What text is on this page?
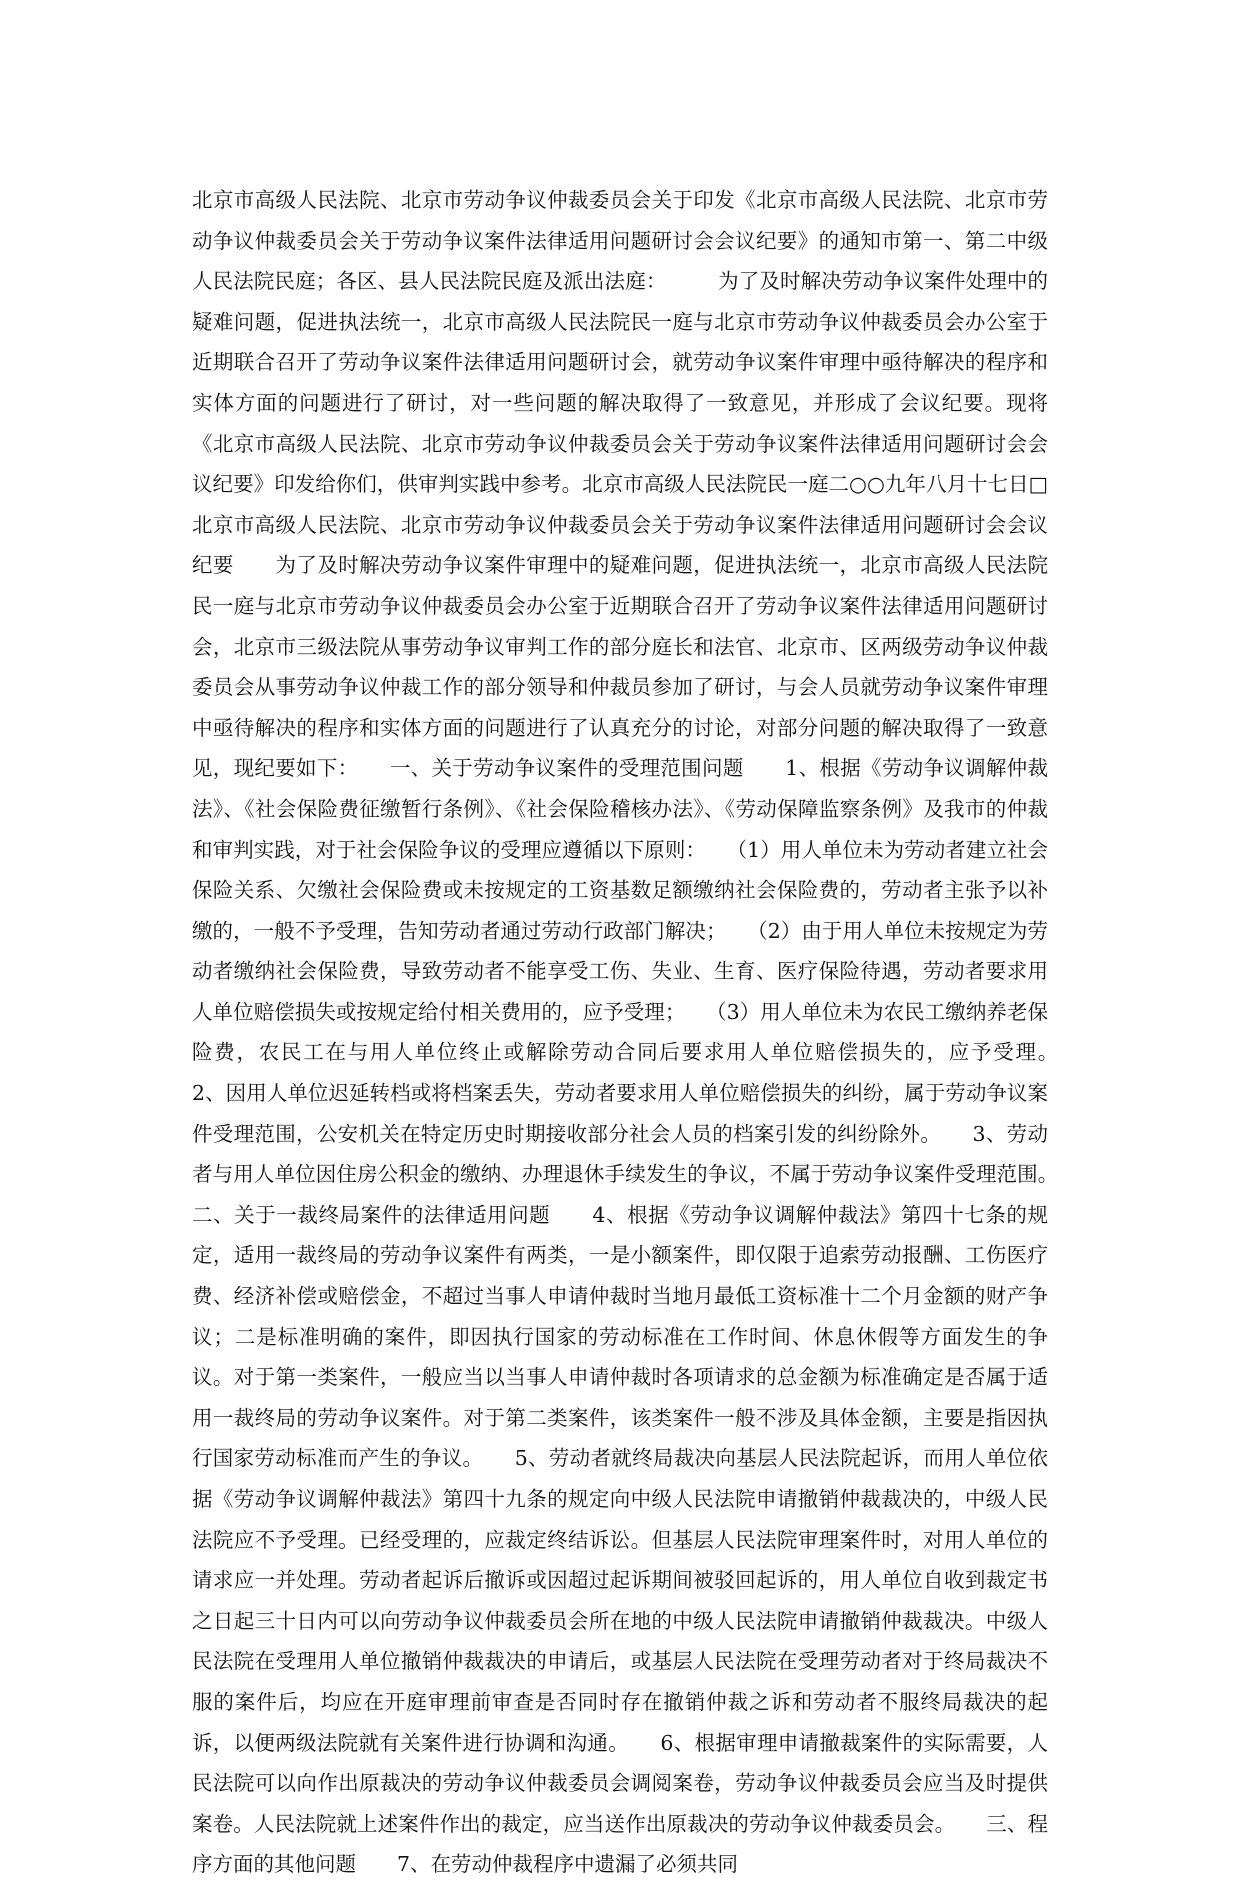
北京市高级人民法院、北京市劳动争议仲裁委员会关于印发《北京市高级人民法院、北京市劳动争议仲裁委员会关于劳动争议案件法律适用问题研讨会会议纪要》的通知市第一、第二中级人民法院民庭；各区、县人民法院民庭及派出法庭：　　　为了及时解决劳动争议案件处理中的疑难问题，促进执法统一，北京市高级人民法院民一庭与北京市劳动争议仲裁委员会办公室于近期联合召开了劳动争议案件法律适用问题研讨会，就劳动争议案件审理中亟待解决的程序和实体方面的问题进行了研讨，对一些问题的解决取得了一致意见，并形成了会议纪要。现将《北京市高级人民法院、北京市劳动争议仲裁委员会关于劳动争议案件法律适用问题研讨会会议纪要》印发给你们，供审判实践中参考。北京市高级人民法院民一庭二○○九年八月十七日□北京市高级人民法院、北京市劳动争议仲裁委员会关于劳动争议案件法律适用问题研讨会会议纪要　　为了及时解决劳动争议案件审理中的疑难问题，促进执法统一，北京市高级人民法院民一庭与北京市劳动争议仲裁委员会办公室于近期联合召开了劳动争议案件法律适用问题研讨会，北京市三级法院从事劳动争议审判工作的部分庭长和法官、北京市、区两级劳动争议仲裁委员会从事劳动争议仲裁工作的部分领导和仲裁员参加了研讨，与会人员就劳动争议案件审理中亟待解决的程序和实体方面的问题进行了认真充分的讨论，对部分问题的解决取得了一致意见，现纪要如下：　　一、关于劳动争议案件的受理范围问题　　1、根据《劳动争议调解仲裁法》、《社会保险费征缴暂行条例》、《社会保险稽核办法》、《劳动保障监察条例》及我市的仲裁和审判实践，对于社会保险争议的受理应遵循以下原则：　　（1）用人单位未为劳动者建立社会保险关系、欠缴社会保险费或未按规定的工资基数足额缴纳社会保险费的，劳动者主张予以补缴的，一般不予受理，告知劳动者通过劳动行政部门解决；　　（2）由于用人单位未按规定为劳动者缴纳社会保险费，导致劳动者不能享受工伤、失业、生育、医疗保险待遇，劳动者要求用人单位赔偿损失或按规定给付相关费用的，应予受理；　　（3）用人单位未为农民工缴纳养老保险费，农民工在与用人单位终止或解除劳动合同后要求用人单位赔偿损失的，应予受理。　　2、因用人单位迟延转档或将档案丢失，劳动者要求用人单位赔偿损失的纠纷，属于劳动争议案件受理范围，公安机关在特定历史时期接收部分社会人员的档案引发的纠纷除外。　　3、劳动者与用人单位因住房公积金的缴纳、办理退休手续发生的争议，不属于劳动争议案件受理范围。　　二、关于一裁终局案件的法律适用问题　　4、根据《劳动争议调解仲裁法》第四十七条的规定，适用一裁终局的劳动争议案件有两类，一是小额案件，即仅限于追索劳动报酬、工伤医疗费、经济补偿或赔偿金，不超过当事人申请仲裁时当地月最低工资标准十二个月金额的财产争议；二是标准明确的案件，即因执行国家的劳动标准在工作时间、休息休假等方面发生的争议。对于第一类案件，一般应当以当事人申请仲裁时各项请求的总金额为标准确定是否属于适用一裁终局的劳动争议案件。对于第二类案件，该类案件一般不涉及具体金额，主要是指因执行国家劳动标准而产生的争议。　　5、劳动者就终局裁决向基层人民法院起诉，而用人单位依据《劳动争议调解仲裁法》第四十九条的规定向中级人民法院申请撤销仲裁裁决的，中级人民法院应不予受理。已经受理的，应裁定终结诉讼。但基层人民法院审理案件时，对用人单位的请求应一并处理。劳动者起诉后撤诉或因超过起诉期间被驳回起诉的，用人单位自收到裁定书之日起三十日内可以向劳动争议仲裁委员会所在地的中级人民法院申请撤销仲裁裁决。中级人民法院在受理用人单位撤销仲裁裁决的申请后，或基层人民法院在受理劳动者对于终局裁决不服的案件后，均应在开庭审理前审查是否同时存在撤销仲裁之诉和劳动者不服终局裁决的起诉，以便两级法院就有关案件进行协调和沟通。　　6、根据审理申请撤裁案件的实际需要，人民法院可以向作出原裁决的劳动争议仲裁委员会调阅案卷，劳动争议仲裁委员会应当及时提供案卷。人民法院就上述案件作出的裁定，应当送作出原裁决的劳动争议仲裁委员会。　　三、程序方面的其他问题　　7、在劳动仲裁程序中遗漏了必须共同
